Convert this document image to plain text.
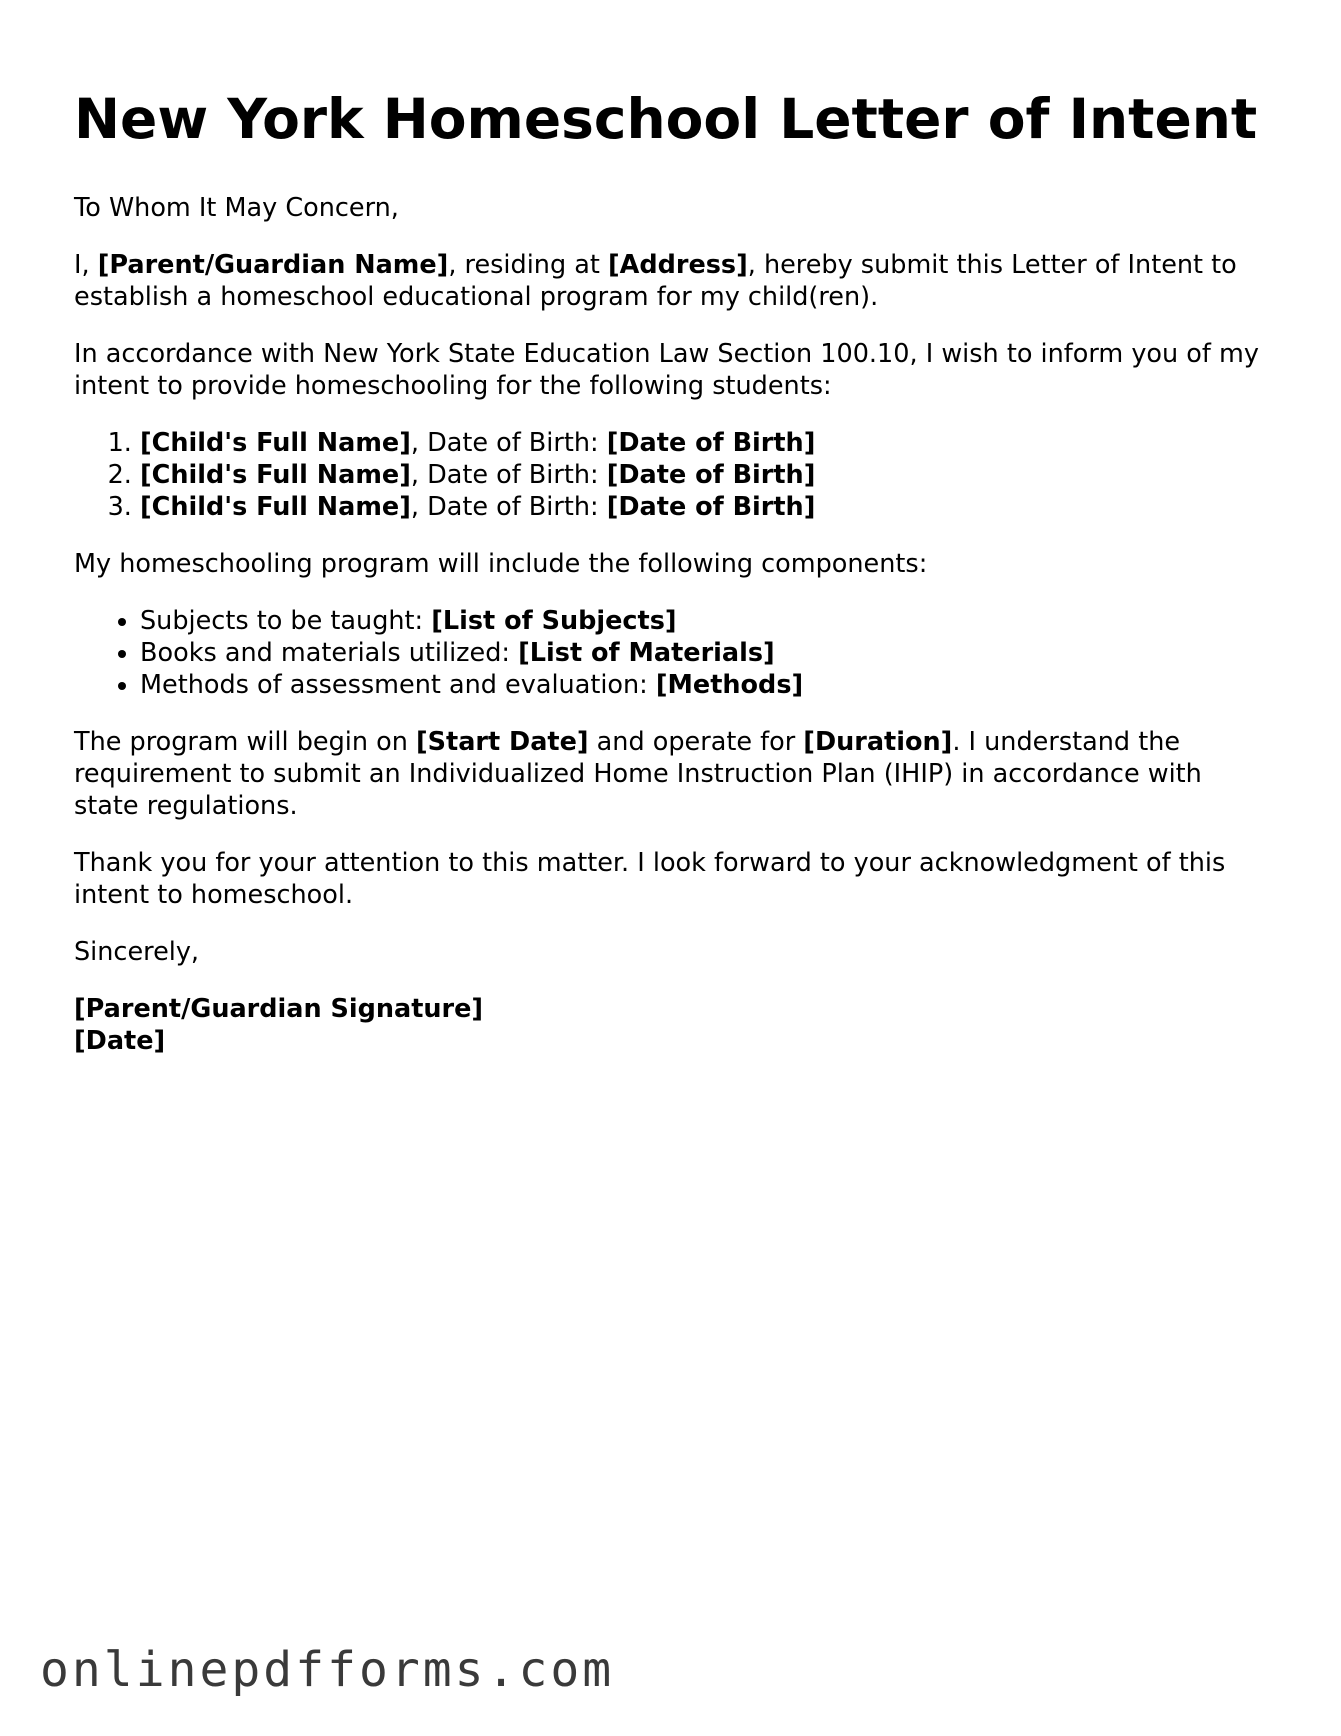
New York Homeschool Letter of Intent

To Whom It May Concern,

I, [Parent/Guardian Name], residing at [Address], hereby submit this Letter of Intent to establish a homeschool educational program for my child(ren).

In accordance with New York State Education Law Section 100.10, I wish to inform you of my intent to provide homeschooling for the following students:

1. [Child's Full Name], Date of Birth: [Date of Birth]
2. [Child's Full Name], Date of Birth: [Date of Birth]
3. [Child's Full Name], Date of Birth: [Date of Birth]

My homeschooling program will include the following components:

• Subjects to be taught: [List of Subjects]
• Books and materials utilized: [List of Materials]
• Methods of assessment and evaluation: [Methods]

The program will begin on [Start Date] and operate for [Duration]. I understand the requirement to submit an Individualized Home Instruction Plan (IHIP) in accordance with state regulations.

Thank you for your attention to this matter. I look forward to your acknowledgment of this intent to homeschool.

Sincerely,

[Parent/Guardian Signature]
[Date]

onlinepdfforms.com
